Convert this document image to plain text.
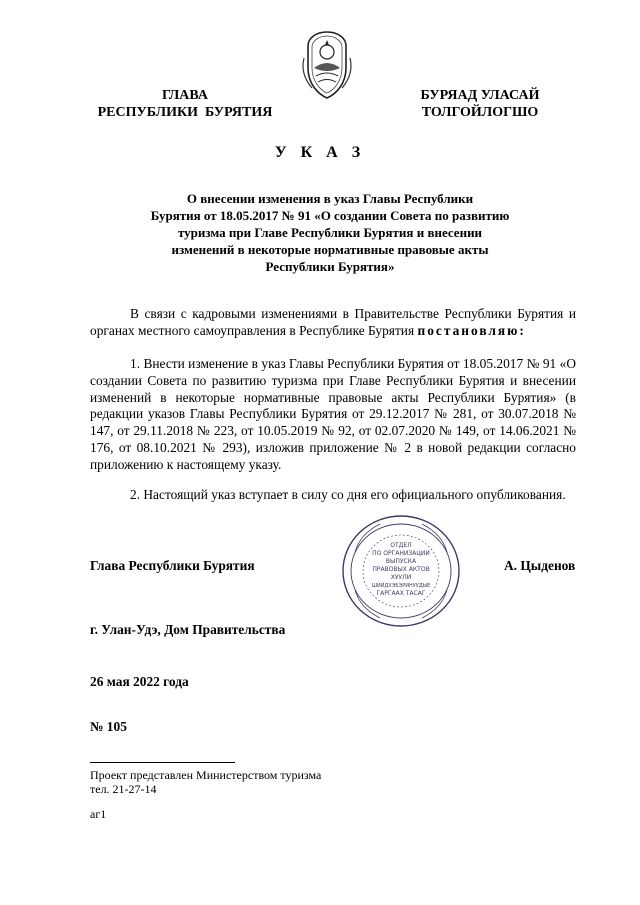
ГЛАВА
РЕСПУБЛИКИ  БУРЯТИЯ
БУРЯАД УЛАСАЙ
ТОЛГОЙЛОГШО
У К А З
О внесении изменения в указ Главы Республики
Бурятия от 18.05.2017 № 91 «О создании Совета по развитию
туризма при Главе Республики Бурятия и внесении
изменений в некоторые нормативные правовые акты
Республики Бурятия»
В связи с кадровыми изменениями в Правительстве Республики Бурятия и органах местного самоуправления в Республике Бурятия постановляю:
1. Внести изменение в указ Главы Республики Бурятия от 18.05.2017 № 91 «О создании Совета по развитию туризма при Главе Республики Бурятия и внесении изменений в некоторые нормативные правовые акты Республики Бурятия» (в редакции указов Главы Республики Бурятия от 29.12.2017 № 281, от 30.07.2018 № 147, от 29.11.2018 № 223, от 10.05.2019 № 92, от 02.07.2020 № 149, от 14.06.2021 № 176, от 08.10.2021 № 293), изложив приложение № 2 в новой редакции согласно приложению к настоящему указу.
2. Настоящий указ вступает в силу со дня его официального опубликования.
Глава Республики Бурятия	А. Цыденов
ОТДЕЛ
ПО ОРГАНИЗАЦИИ
ВЫПУСКА
ПРАВОВЫХ АКТОВ
ХУУЛИ
ШИЙДХЭБЭРИНУУДЫЕ
ГАРГААХ ТАСАГ
г. Улан-Удэ, Дом Правительства
26 мая 2022 года
№ 105
Проект представлен Министерством туризма
тел. 21-27-14
аг1
